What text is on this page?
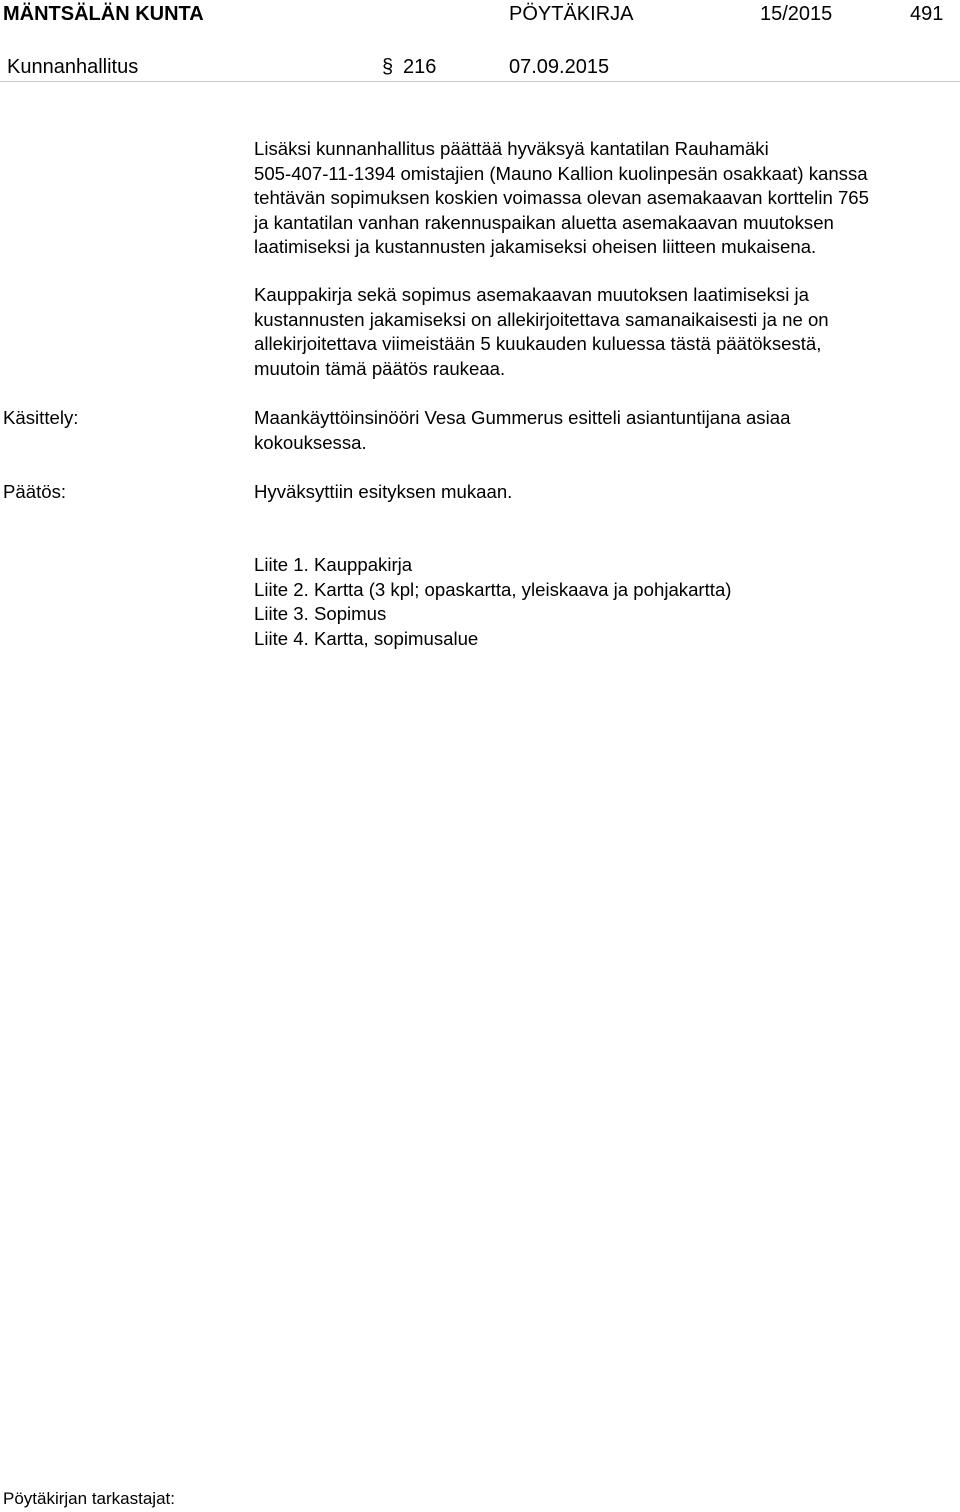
MÄNTSÄLÄN KUNTA	PÖYTÄKIRJA	15/2015	491
Kunnanhallitus	§ 216	07.09.2015
Lisäksi kunnanhallitus päättää hyväksyä kantatilan Rauhamäki
505-407-11-1394 omistajien (Mauno Kallion kuolinpesän osakkaat) kanssa
tehtävän sopimuksen koskien voimassa olevan asemakaavan korttelin 765
ja kantatilan vanhan rakennuspaikan aluetta asemakaavan muutoksen
laatimiseksi ja kustannusten jakamiseksi oheisen liitteen mukaisena.
Kauppakirja sekä sopimus asemakaavan muutoksen laatimiseksi ja
kustannusten jakamiseksi on allekirjoitettava samanaikaisesti ja ne on
allekirjoitettava viimeistään 5 kuukauden kuluessa tästä päätöksestä,
muutoin tämä päätös raukeaa.
Käsittely:	Maankäyttöinsinööri Vesa Gummerus esitteli asiantuntijana asiaa
kokouksessa.
Päätös:	Hyväksyttiin esityksen mukaan.
Liite 1. Kauppakirja
Liite 2. Kartta (3 kpl; opaskartta, yleiskaava ja pohjakartta)
Liite 3. Sopimus
Liite 4. Kartta, sopimusalue
Pöytäkirjan tarkastajat:
